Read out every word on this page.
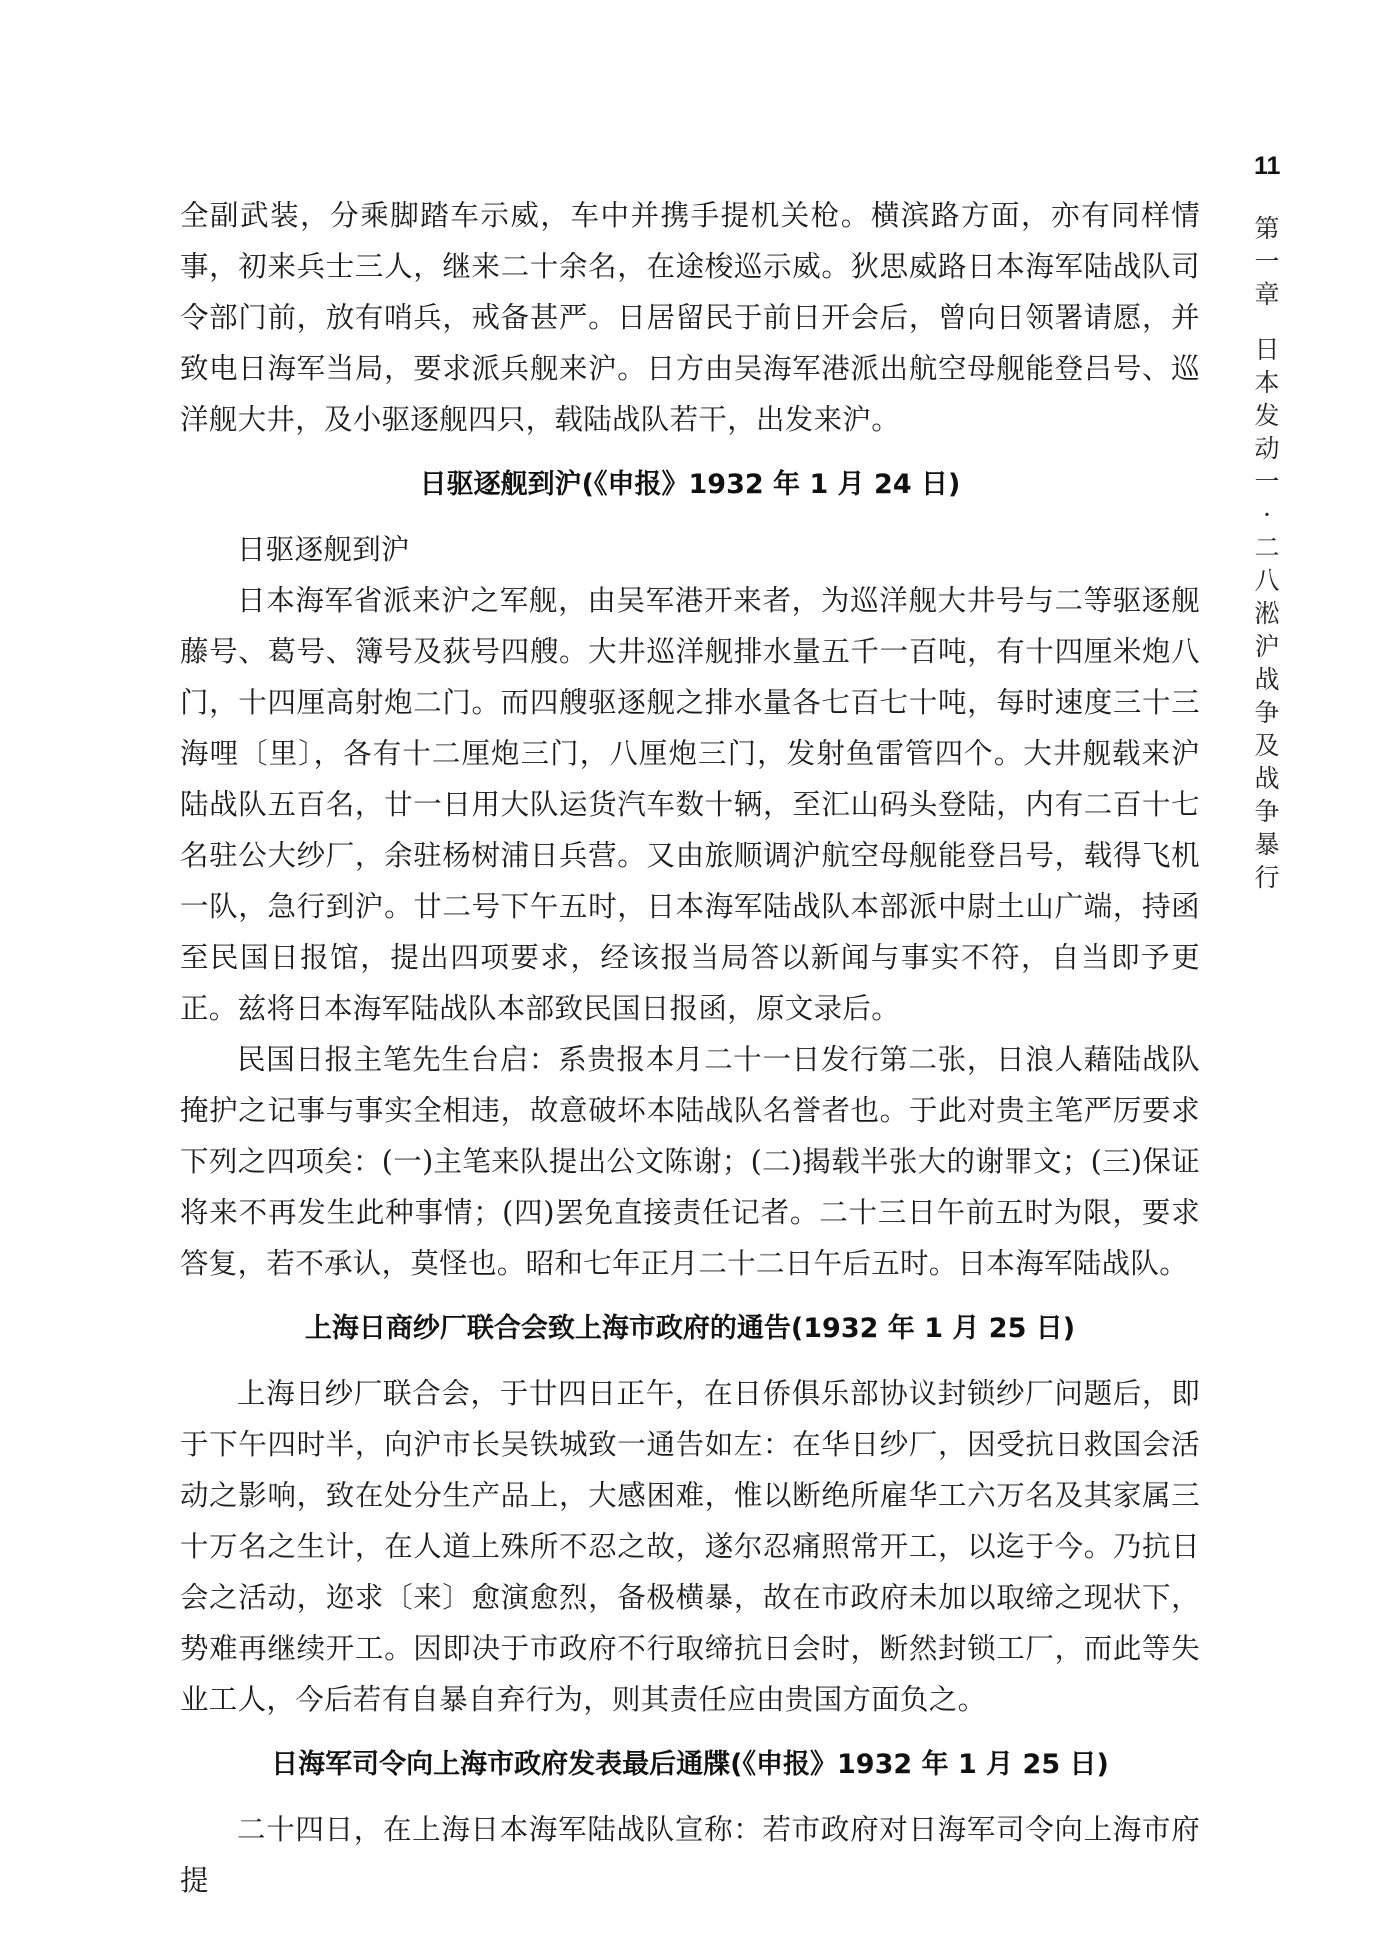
11
第
一
章
日
本
发
动
一
·
二
八
淞
沪
战
争
及
战
争
暴
行

全副武装，分乘脚踏车示威，车中并携手提机关枪。横滨路方面，亦有同样情事，初来兵士三人，继来二十余名，在途梭巡示威。狄思威路日本海军陆战队司令部门前，放有哨兵，戒备甚严。日居留民于前日开会后，曾向日领署请愿，并致电日海军当局，要求派兵舰来沪。日方由吴海军港派出航空母舰能登吕号、巡洋舰大井，及小驱逐舰四只，载陆战队若干，出发来沪。

日驱逐舰到沪(《申报》1932 年 1 月 24 日)

日驱逐舰到沪

日本海军省派来沪之军舰，由吴军港开来者，为巡洋舰大井号与二等驱逐舰藤号、葛号、簿号及荻号四艘。大井巡洋舰排水量五千一百吨，有十四厘米炮八门，十四厘高射炮二门。而四艘驱逐舰之排水量各七百七十吨，每时速度三十三海哩〔里〕，各有十二厘炮三门，八厘炮三门，发射鱼雷管四个。大井舰载来沪陆战队五百名，廿一日用大队运货汽车数十辆，至汇山码头登陆，内有二百十七名驻公大纱厂，余驻杨树浦日兵营。又由旅顺调沪航空母舰能登吕号，载得飞机一队，急行到沪。廿二号下午五时，日本海军陆战队本部派中尉土山广端，持函至民国日报馆，提出四项要求，经该报当局答以新闻与事实不符，自当即予更正。兹将日本海军陆战队本部致民国日报函，原文录后。

民国日报主笔先生台启：系贵报本月二十一日发行第二张，日浪人藉陆战队掩护之记事与事实全相违，故意破坏本陆战队名誉者也。于此对贵主笔严厉要求下列之四项矣：(一)主笔来队提出公文陈谢；(二)揭载半张大的谢罪文；(三)保证将来不再发生此种事情；(四)罢免直接责任记者。二十三日午前五时为限，要求答复，若不承认，莫怪也。昭和七年正月二十二日午后五时。日本海军陆战队。

上海日商纱厂联合会致上海市政府的通告(1932 年 1 月 25 日)

上海日纱厂联合会，于廿四日正午，在日侨俱乐部协议封锁纱厂问题后，即于下午四时半，向沪市长吴铁城致一通告如左：在华日纱厂，因受抗日救国会活动之影响，致在处分生产品上，大感困难，惟以断绝所雇华工六万名及其家属三十万名之生计，在人道上殊所不忍之故，遂尔忍痛照常开工，以迄于今。乃抗日会之活动，迩求〔来〕愈演愈烈，备极横暴，故在市政府未加以取缔之现状下，势难再继续开工。因即决于市政府不行取缔抗日会时，断然封锁工厂，而此等失业工人，今后若有自暴自弃行为，则其责任应由贵国方面负之。

日海军司令向上海市政府发表最后通牒(《申报》1932 年 1 月 25 日)

二十四日，在上海日本海军陆战队宣称：若市政府对日海军司令向上海市府提
